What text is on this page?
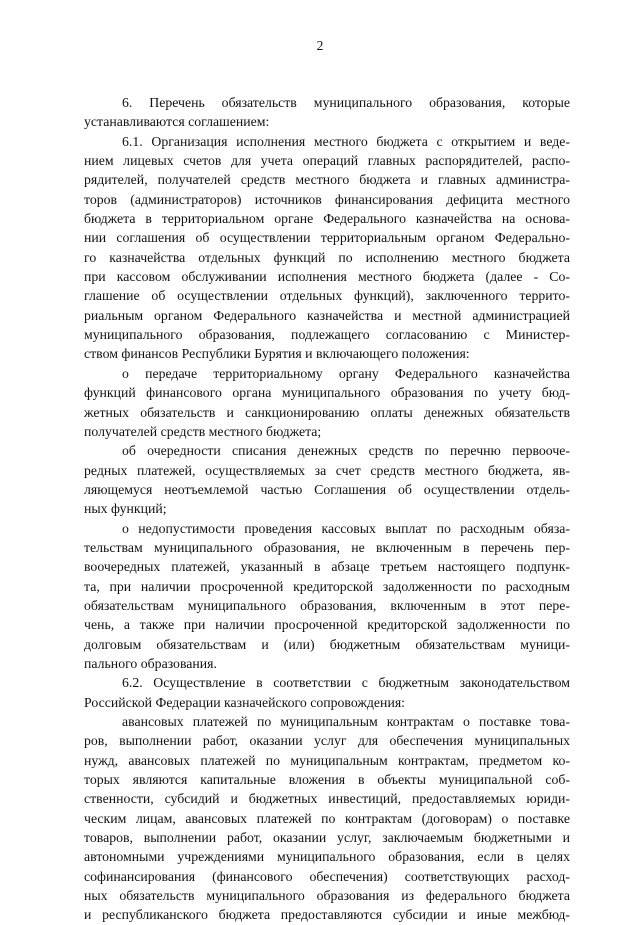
2
6. Перечень обязательств муниципального образования, которые
устанавливаются соглашением:
6.1. Организация исполнения местного бюджета с открытием и веде-
нием лицевых счетов для учета операций главных распорядителей, распо-
рядителей, получателей средств местного бюджета и главных администра-
торов (администраторов) источников финансирования дефицита местного
бюджета в территориальном органе Федерального казначейства на основа-
нии соглашения об осуществлении территориальным органом Федерально-
го казначейства отдельных функций по исполнению местного бюджета
при кассовом обслуживании исполнения местного бюджета (далее - Со-
глашение об осуществлении отдельных функций), заключенного террито-
риальным органом Федерального казначейства и местной администрацией
муниципального образования, подлежащего согласованию с Министер-
ством финансов Республики Бурятия и включающего положения:
о передаче территориальному органу Федерального казначейства
функций финансового органа муниципального образования по учету бюд-
жетных обязательств и санкционированию оплаты денежных обязательств
получателей средств местного бюджета;
об очередности списания денежных средств по перечню первооче-
редных платежей, осуществляемых за счет средств местного бюджета, яв-
ляющемуся неотъемлемой частью Соглашения об осуществлении отдель-
ных функций;
о недопустимости проведения кассовых выплат по расходным обяза-
тельствам муниципального образования, не включенным в перечень пер-
воочередных платежей, указанный в абзаце третьем настоящего подпунк-
та, при наличии просроченной кредиторской задолженности по расходным
обязательствам муниципального образования, включенным в этот пере-
чень, а также при наличии просроченной кредиторской задолженности по
долговым обязательствам и (или) бюджетным обязательствам муници-
пального образования.
6.2. Осуществление в соответствии с бюджетным законодательством
Российской Федерации казначейского сопровождения:
авансовых платежей по муниципальным контрактам о поставке това-
ров, выполнении работ, оказании услуг для обеспечения муниципальных
нужд, авансовых платежей по муниципальным контрактам, предметом ко-
торых являются капитальные вложения в объекты муниципальной соб-
ственности, субсидий и бюджетных инвестиций, предоставляемых юриди-
ческим лицам, авансовых платежей по контрактам (договорам) о поставке
товаров, выполнении работ, оказании услуг, заключаемым бюджетными и
автономными учреждениями муниципального образования, если в целях
софинансирования (финансового обеспечения) соответствующих расход-
ных обязательств муниципального образования из федерального бюджета
и республиканского бюджета предоставляются субсидии и иные межбюд-
